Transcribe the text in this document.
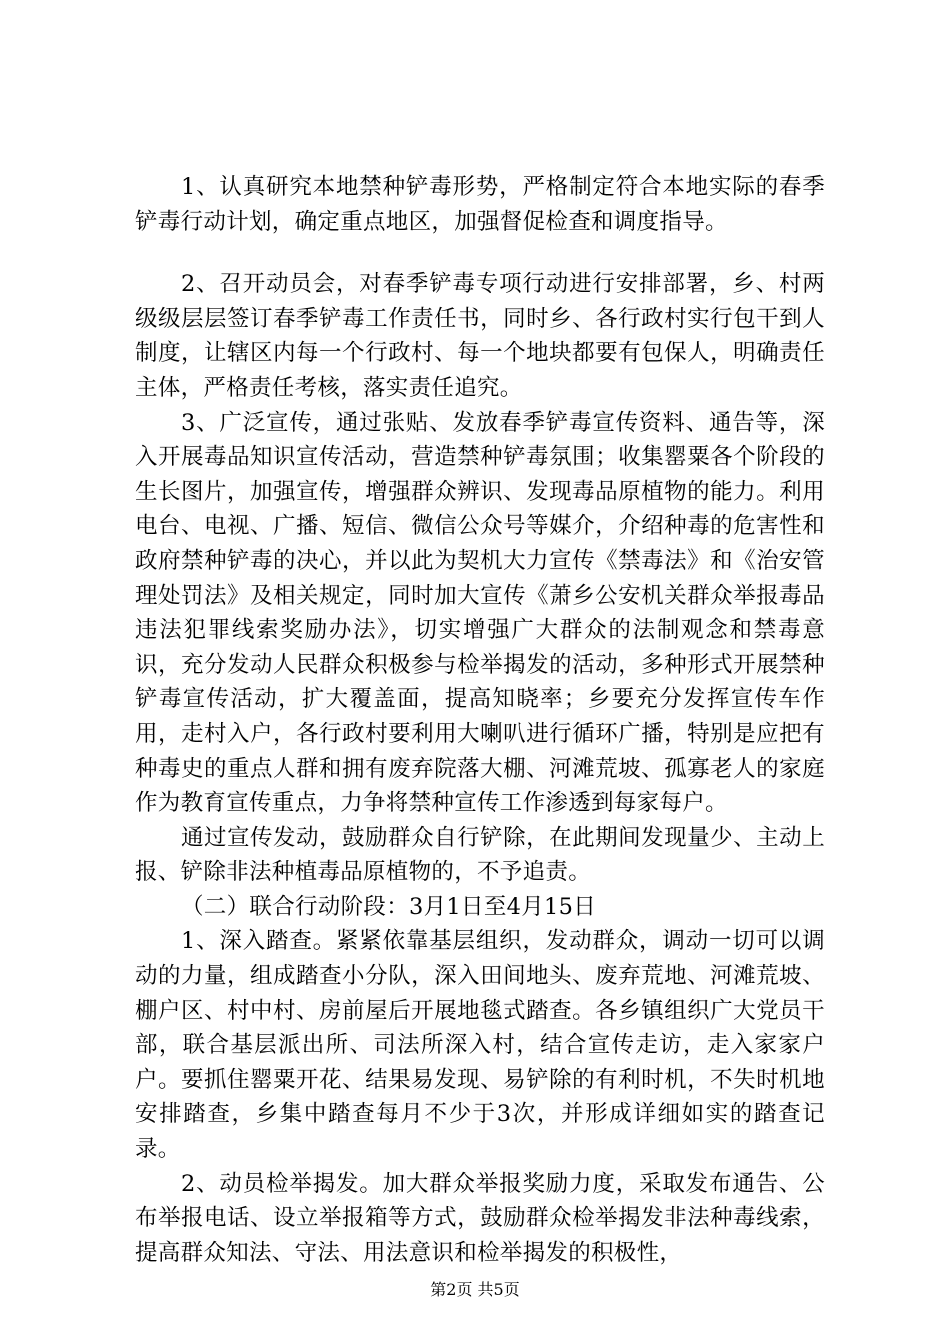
1、认真研究本地禁种铲毒形势，严格制定符合本地实际的春季铲毒行动计划，确定重点地区，加强督促检查和调度指导。

2、召开动员会，对春季铲毒专项行动进行安排部署，乡、村两级级层层签订春季铲毒工作责任书，同时乡、各行政村实行包干到人制度，让辖区内每一个行政村、每一个地块都要有包保人，明确责任主体，严格责任考核，落实责任追究。

3、广泛宣传，通过张贴、发放春季铲毒宣传资料、通告等，深入开展毒品知识宣传活动，营造禁种铲毒氛围；收集罂粟各个阶段的生长图片，加强宣传，增强群众辨识、发现毒品原植物的能力。利用电台、电视、广播、短信、微信公众号等媒介，介绍种毒的危害性和政府禁种铲毒的决心，并以此为契机大力宣传《禁毒法》和《治安管理处罚法》及相关规定，同时加大宣传《萧乡公安机关群众举报毒品违法犯罪线索奖励办法》，切实增强广大群众的法制观念和禁毒意识，充分发动人民群众积极参与检举揭发的活动，多种形式开展禁种铲毒宣传活动，扩大覆盖面，提高知晓率；乡要充分发挥宣传车作用，走村入户，各行政村要利用大喇叭进行循环广播，特别是应把有种毒史的重点人群和拥有废弃院落大棚、河滩荒坡、孤寡老人的家庭作为教育宣传重点，力争将禁种宣传工作渗透到每家每户。

通过宣传发动，鼓励群众自行铲除，在此期间发现量少、主动上报、铲除非法种植毒品原植物的，不予追责。

（二）联合行动阶段：3月1日至4月15日

1、深入踏查。紧紧依靠基层组织，发动群众，调动一切可以调动的力量，组成踏查小分队，深入田间地头、废弃荒地、河滩荒坡、棚户区、村中村、房前屋后开展地毯式踏查。各乡镇组织广大党员干部，联合基层派出所、司法所深入村，结合宣传走访，走入家家户户。要抓住罂粟开花、结果易发现、易铲除的有利时机，不失时机地安排踏查，乡集中踏查每月不少于3次，并形成详细如实的踏查记录。

2、动员检举揭发。加大群众举报奖励力度，采取发布通告、公布举报电话、设立举报箱等方式，鼓励群众检举揭发非法种毒线索，提高群众知法、守法、用法意识和检举揭发的积极性，

第2页 共5页
